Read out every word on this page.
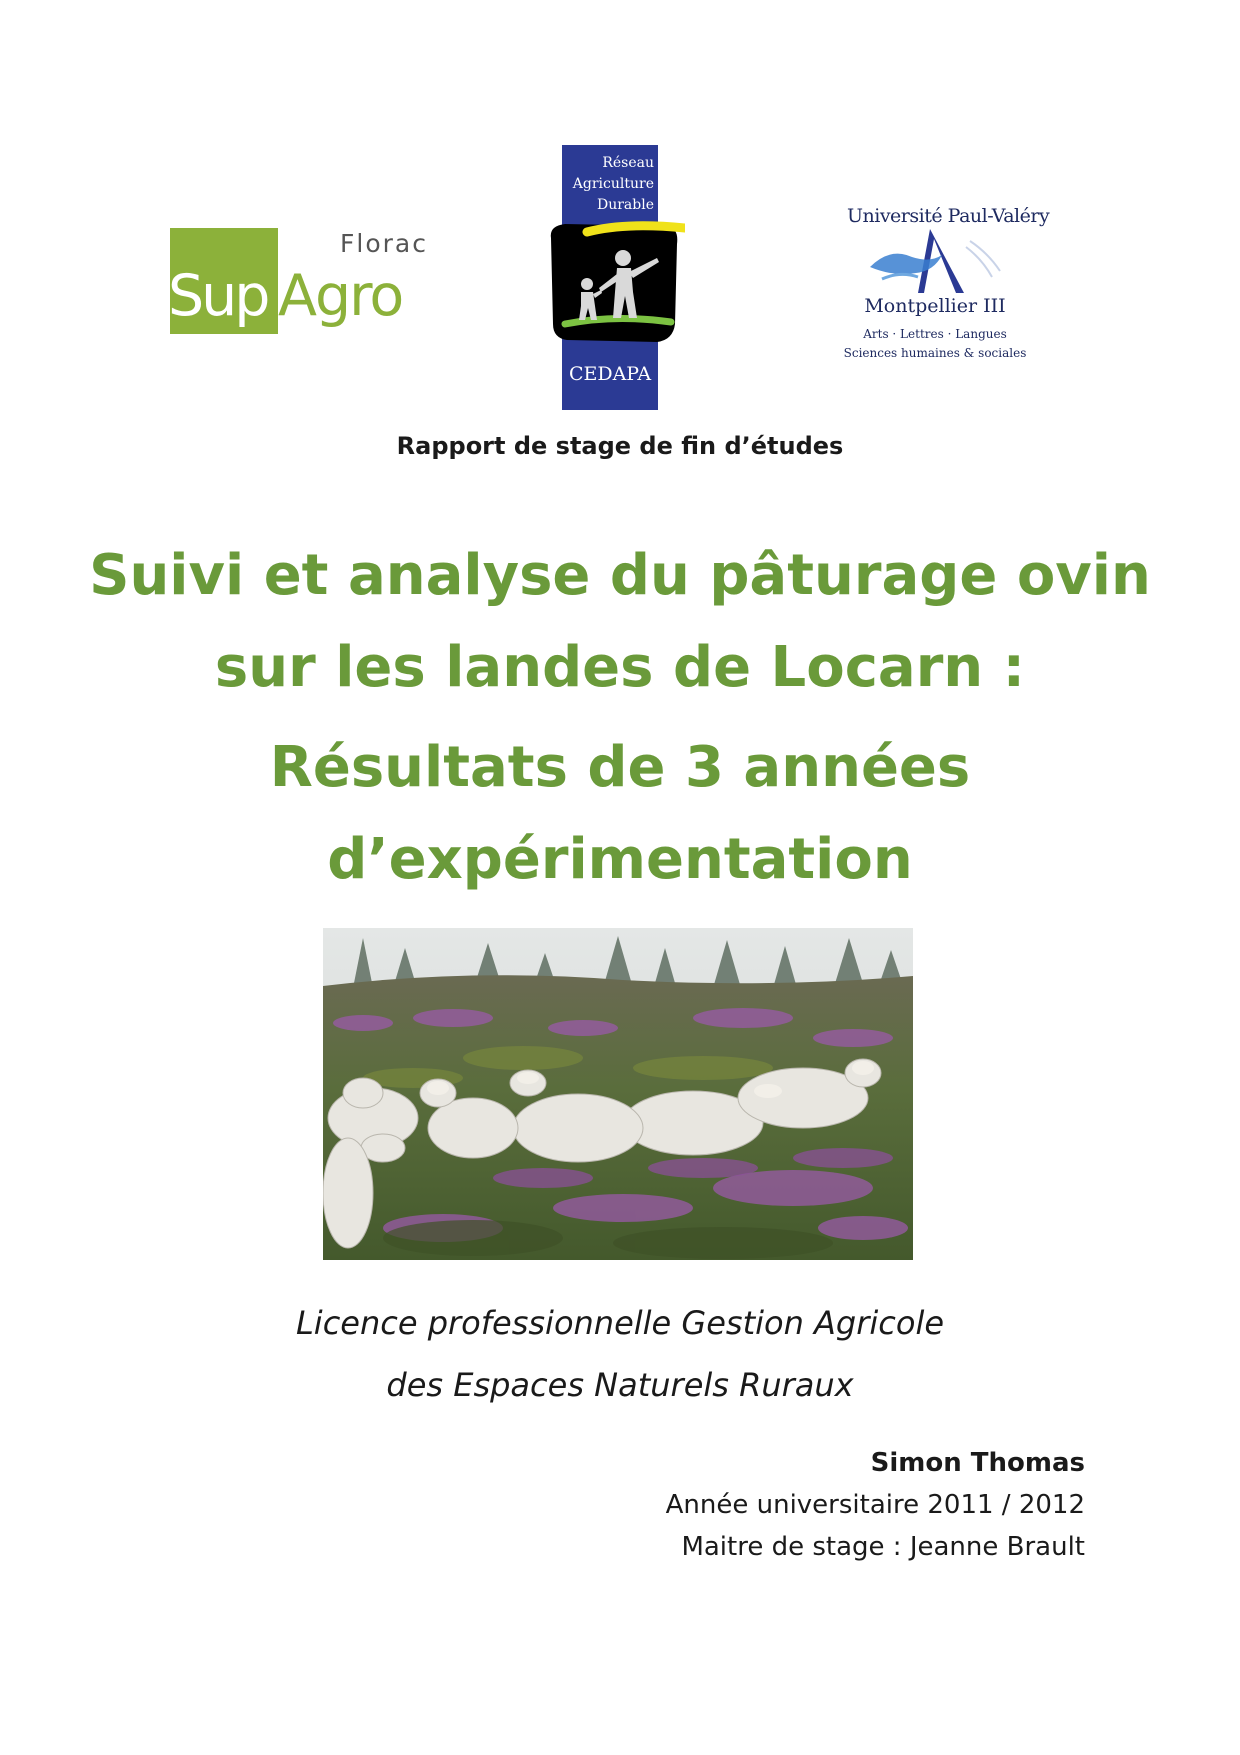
Florac
Sup Agro
Réseau
Agriculture
Durable
CEDAPA
Université Paul-Valéry
Montpellier III
Arts · Lettres · Langues
Sciences humaines & sociales
Rapport de stage de fin d’études
Suivi et analyse du pâturage ovin sur les landes de Locarn :
Résultats de 3 années d’expérimentation
Licence professionnelle Gestion Agricole
des Espaces Naturels Ruraux
Simon Thomas
Année universitaire 2011 / 2012
Maitre de stage : Jeanne Brault
